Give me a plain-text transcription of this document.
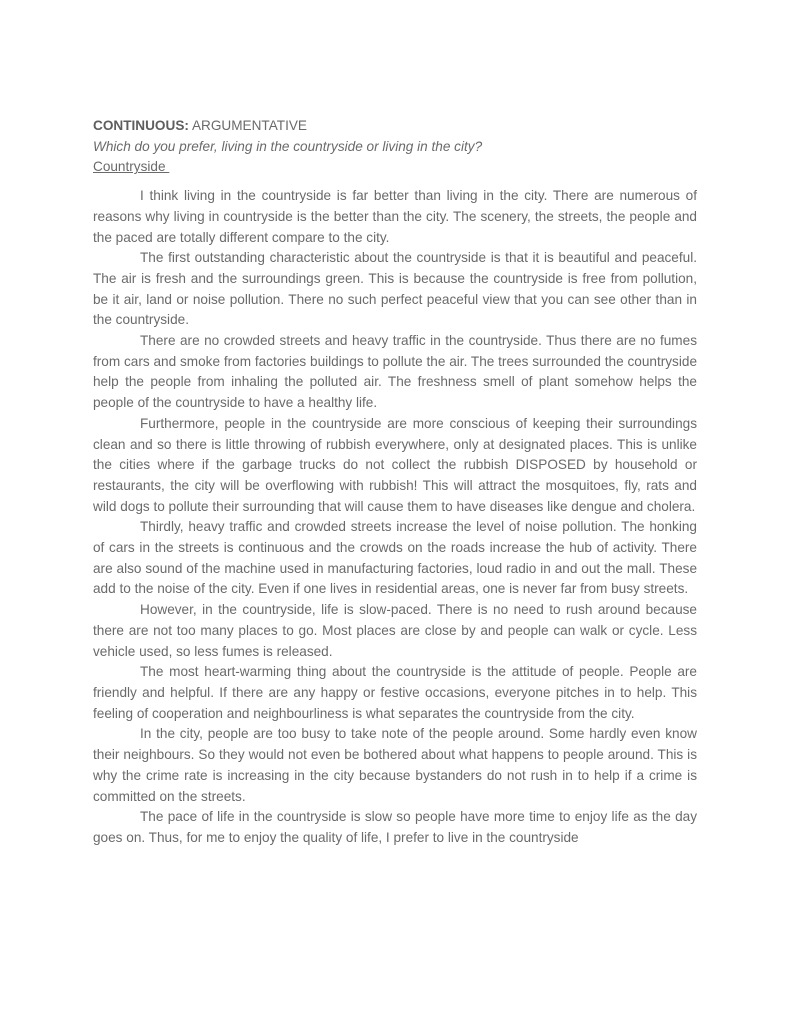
CONTINUOUS: ARGUMENTATIVE
Which do you prefer, living in the countryside or living in the city?
Countryside

I think living in the countryside is far better than living in the city. There are numerous of reasons why living in countryside is the better than the city. The scenery, the streets, the people and the paced are totally different compare to the city.

The first outstanding characteristic about the countryside is that it is beautiful and peaceful. The air is fresh and the surroundings green. This is because the countryside is free from pollution, be it air, land or noise pollution. There no such perfect peaceful view that you can see other than in the countryside.

There are no crowded streets and heavy traffic in the countryside. Thus there are no fumes from cars and smoke from factories buildings to pollute the air. The trees surrounded the countryside help the people from inhaling the polluted air. The freshness smell of plant somehow helps the people of the countryside to have a healthy life.

Furthermore, people in the countryside are more conscious of keeping their surroundings clean and so there is little throwing of rubbish everywhere, only at designated places. This is unlike the cities where if the garbage trucks do not collect the rubbish DISPOSED by household or restaurants, the city will be overflowing with rubbish! This will attract the mosquitoes, fly, rats and wild dogs to pollute their surrounding that will cause them to have diseases like dengue and cholera.

Thirdly, heavy traffic and crowded streets increase the level of noise pollution. The honking of cars in the streets is continuous and the crowds on the roads increase the hub of activity. There are also sound of the machine used in manufacturing factories, loud radio in and out the mall. These add to the noise of the city. Even if one lives in residential areas, one is never far from busy streets.

However, in the countryside, life is slow-paced. There is no need to rush around because there are not too many places to go. Most places are close by and people can walk or cycle. Less vehicle used, so less fumes is released.

The most heart-warming thing about the countryside is the attitude of people. People are friendly and helpful. If there are any happy or festive occasions, everyone pitches in to help. This feeling of cooperation and neighbourliness is what separates the countryside from the city.

In the city, people are too busy to take note of the people around. Some hardly even know their neighbours. So they would not even be bothered about what happens to people around. This is why the crime rate is increasing in the city because bystanders do not rush in to help if a crime is committed on the streets.

The pace of life in the countryside is slow so people have more time to enjoy life as the day goes on. Thus, for me to enjoy the quality of life, I prefer to live in the countryside
